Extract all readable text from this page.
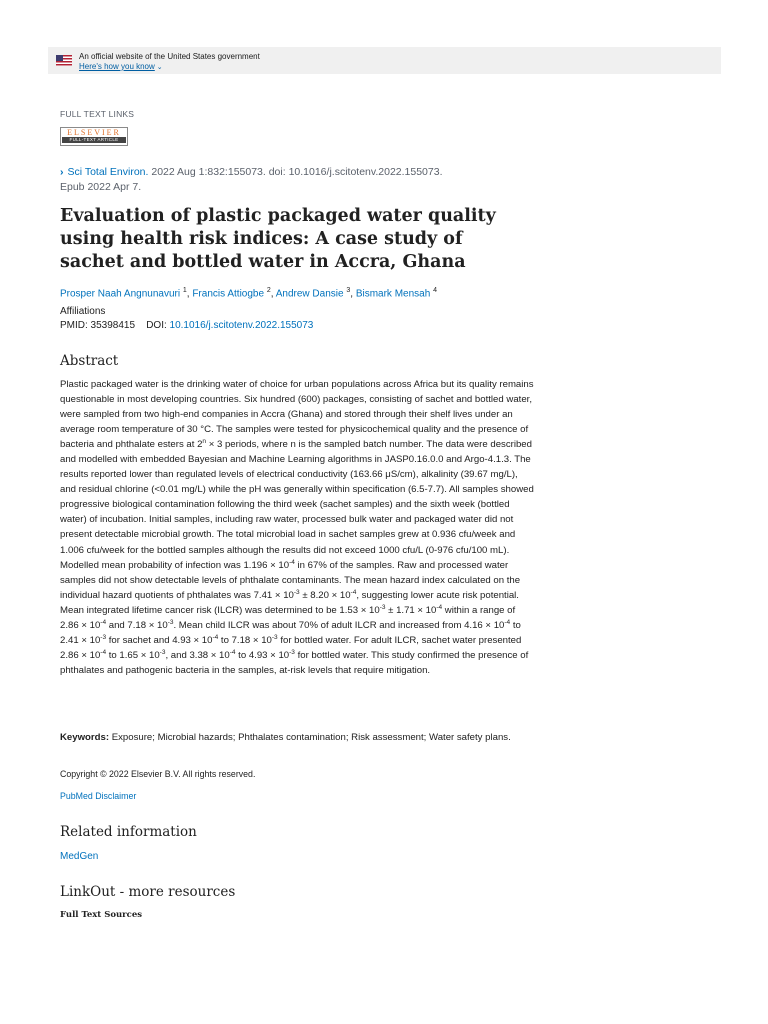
An official website of the United States government
Here's how you know ⌄
FULL TEXT LINKS
ELSEVIER
FULL-TEXT ARTICLE
› Sci Total Environ. 2022 Aug 1:832:155073. doi: 10.1016/j.scitotenv.2022.155073.
Epub 2022 Apr 7.
Evaluation of plastic packaged water quality using health risk indices: A case study of sachet and bottled water in Accra, Ghana
Prosper Naah Angnunavuri $^1$, Francis Attiogbe $^2$, Andrew Dansie $^3$, Bismark Mensah $^4$
Affiliations
PMID: 35398415 DOI: 10.1016/j.scitotenv.2022.155073
Abstract

Plastic packaged water is the drinking water of choice for urban populations across Africa but its quality remains questionable in most developing countries. Six hundred (600) packages, consisting of sachet and bottled water, were sampled from two high-end companies in Accra (Ghana) and stored through their shelf lives under an average room temperature of 30 °C. The samples were tested for physicochemical quality and the presence of bacteria and phthalate esters at $2^n \times 3$ periods, where n is the sampled batch number. The data were described and modelled with embedded Bayesian and Machine Learning algorithms in JASP0.16.0.0 and Argo-4.1.3. The results reported lower than regulated levels of electrical conductivity (163.66 μS/cm), alkalinity (39.67 mg/L), and residual chlorine (<0.01 mg/L) while the pH was generally within specification (6.5-7.7). All samples showed progressive biological contamination following the third week (sachet samples) and the sixth week (bottled water) of incubation. Initial samples, including raw water, processed bulk water and packaged water did not present detectable microbial growth. The total microbial load in sachet samples grew at 0.936 cfu/week and 1.006 cfu/week for the bottled samples although the results did not exceed 1000 cfu/L (0-976 cfu/100 mL). Modelled mean probability of infection was $1.196 \times 10^{-4}$ in 67% of the samples. Raw and processed water samples did not show detectable levels of phthalate contaminants. The mean hazard index calculated on the individual hazard quotients of phthalates was $7.41 \times 10^{-3} \pm 8.20 \times 10^{-4}$, suggesting lower acute risk potential. Mean integrated lifetime cancer risk (ILCR) was determined to be $1.53 \times 10^{-3} \pm 1.71 \times 10^{-4}$ within a range of $2.86 \times 10^{-4}$ and $7.18 \times 10^{-3}$. Mean child ILCR was about 70% of adult ILCR and increased from $4.16 \times 10^{-4}$ to $2.41 \times 10^{-3}$ for sachet and $4.93 \times 10^{-4}$ to $7.18 \times 10^{-3}$ for bottled water. For adult ILCR, sachet water presented $2.86 \times 10^{-4}$ to $1.65 \times 10^{-3}$, and $3.38 \times 10^{-4}$ to $4.93 \times 10^{-3}$ for bottled water. This study confirmed the presence of phthalates and pathogenic bacteria in the samples, at-risk levels that require mitigation.

Keywords: Exposure; Microbial hazards; Phthalates contamination; Risk assessment; Water safety plans.
Copyright © 2022 Elsevier B.V. All rights reserved.
PubMed Disclaimer
Related information
MedGen
LinkOut - more resources
Full Text Sources
